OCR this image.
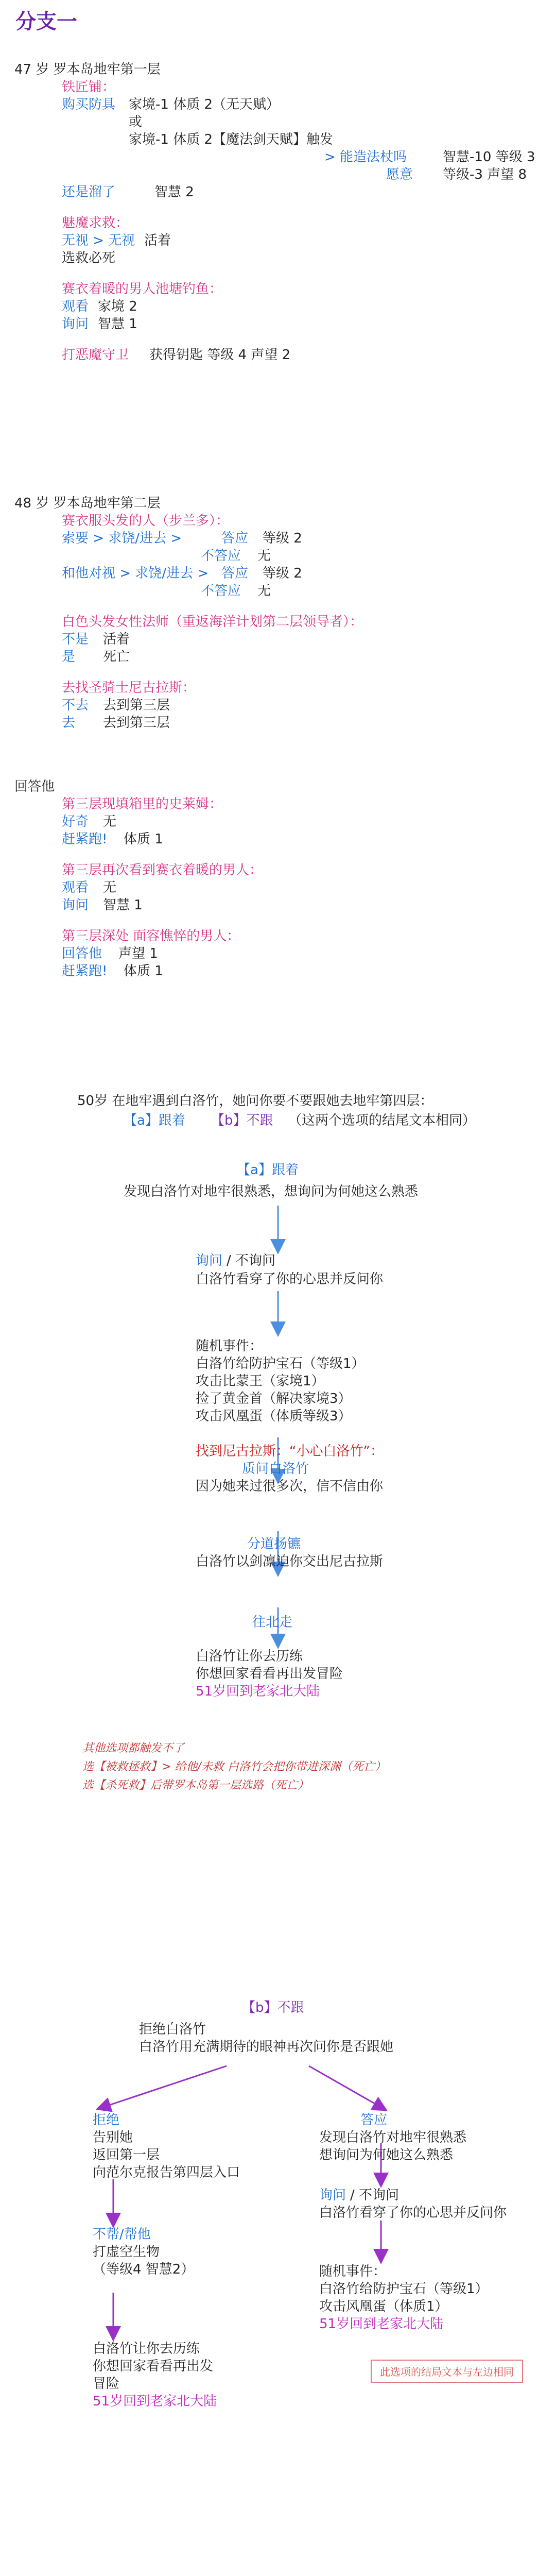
分支一
47 岁 罗本岛地牢第一层
铁匠铺：
购买防具 家境-1 体质 2（无天赋）
或
家境-1 体质 2【魔法剑天赋】触发
> 能造法杖吗	智慧-10 等级 3
愿意 等级-3 声望 8
还是溜了	智慧 2
魅魔求救：
无视 > 无视 活着
选救必死
赛衣着暖的男人池塘钓鱼：
观看 家境 2
询问 智慧 1
打恶魔守卫 获得钥匙 等级 4 声望 2
48 岁 罗本岛地牢第二层
赛衣服头发的人（步兰多）：
索要 > 求饶/进去 >	答应 等级 2
不答应 无
和他对视 > 求饶/进去 > 答应 等级 2
不答应 无
白色头发女性法师（重返海洋计划第二层领导者）：
不是 活着
是 死亡
去找圣骑士尼古拉斯：
不去 去到第三层
去 去到第三层
回答他
第三层现填箱里的史莱姆：
好奇 无
赶紧跑! 体质 1
第三层再次看到赛衣着暖的男人：
观看 无
询问 智慧 1
第三层深处 面容憔悴的男人：
回答他 声望 1
赶紧跑! 体质 1
50岁 在地牢遇到白洛竹，她问你要不要跟她去地牢第四层：
【a】跟着 【b】不跟 （这两个选项的结尾文本相同）
【a】跟着
发现白洛竹对地牢很熟悉，想询问为何她这么熟悉
询问 / 不询问
白洛竹看穿了你的心思并反问你
随机事件：
白洛竹给防护宝石（等级1）
攻击比蒙王（家境1）
捡了黄金首（解决家境3）
攻击风凰蛋（体质等级3）
找到尼古拉斯：“小心白洛竹”：
质问白洛竹
因为她来过很多次，信不信由你
分道扬镳
白洛竹以剑凛迫你交出尼古拉斯
往北走
白洛竹让你去历练
你想回家看看再出发冒险
51岁回到老家北大陆
其他选项都触发不了
选【被救拯救】> 给他/未救 白洛竹会把你带进深渊（死亡）
选【杀死救】后带罗本岛第一层选路（死亡）
【b】不跟
拒绝白洛竹
白洛竹用充满期待的眼神再次问你是否跟她
拒绝
告别她
返回第一层
向范尔克报告第四层入口
不帮/帮他
打虚空生物
（等级4 智慧2）
白洛竹让你去历练
你想回家看看再出发
冒险
51岁回到老家北大陆
答应
发现白洛竹对地牢很熟悉
想询问为何她这么熟悉
询问 / 不询问
白洛竹看穿了你的心思并反问你
随机事件：
白洛竹给防护宝石（等级1）
攻击风凰蛋（体质1）
51岁回到老家北大陆
此选项的结局文本与左边相同
